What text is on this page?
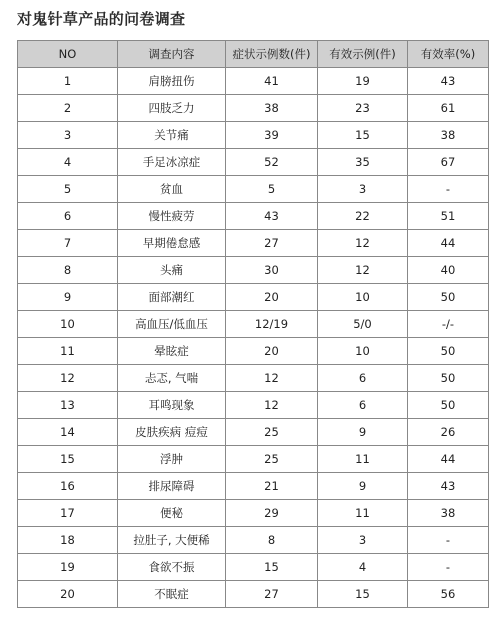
对鬼针草产品的问卷调查
NO	调查内容	症状示例数(件)	有效示例(件)	有效率(%)
1	肩膀扭伤	41	19	43
2	四肢乏力	38	23	61
3	关节痛	39	15	38
4	手足冰凉症	52	35	67
5	贫血	5	3	-
6	慢性疲劳	43	22	51
7	早期倦怠感	27	12	44
8	头痛	30	12	40
9	面部潮红	20	10	50
10	高血压/低血压	12/19	5/0	-/-
11	晕眩症	20	10	50
12	忐忑, 气喘	12	6	50
13	耳鸣现象	12	6	50
14	皮肤疾病 痘痘	25	9	26
15	浮肿	25	11	44
16	排尿障碍	21	9	43
17	便秘	29	11	38
18	拉肚子, 大便稀	8	3	-
19	食欲不振	15	4	-
20	不眠症	27	15	56
